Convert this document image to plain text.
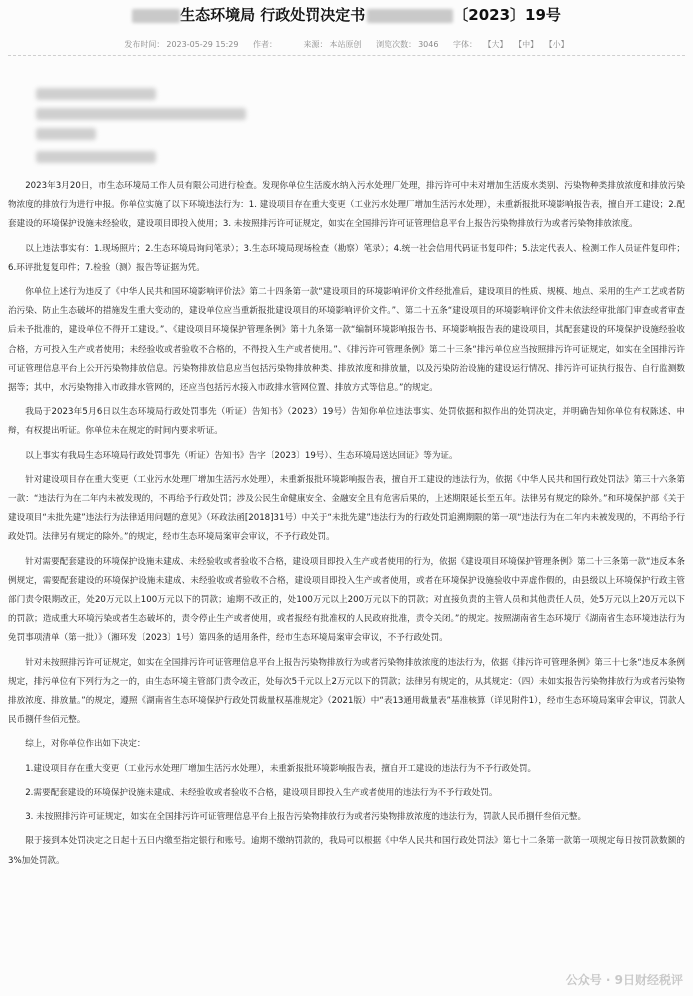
生态环境局 行政处罚决定书	〔2023〕19号
发布时间： 2023-05-29 15:29 作者：	来源： 本站原创 浏览次数： 3046 字体： 【大】 【中】 【小】

2023年3月20日，市生态环境局工作人员有限公司进行检查。发现你单位生活废水纳入污水处理厂处理，排污许可中未对增加生活废水类别、污染物种类排放浓度和排放污染物浓度的排放行为进行申报。你单位实施了以下环境违法行为：1. 建设项目存在重大变更（工业污水处理厂增加生活污水处理），未重新报批环境影响报告表，擅自开工建设；2.配套建设的环境保护设施未经验收，建设项目即投入使用；3. 未按照排污许可证规定，如实在全国排污许可证管理信息平台上报告污染物排放行为或者污染物排放浓度。

以上违法事实有：1.现场照片；2.生态环境局询问笔录）；3.生态环境局现场检查（勘察）笔录）；4.统一社会信用代码证书复印件；5.法定代表人、检测工作人员证件复印件；6.环评批复复印件；7.检验（测）报告等证据为凭。

你单位上述行为违反了《中华人民共和国环境影响评价法》第二十四条第一款“建设项目的环境影响评价文件经批准后，建设项目的性质、规模、地点、采用的生产工艺或者防治污染、防止生态破坏的措施发生重大变动的，建设单位应当重新报批建设项目的环境影响评价文件。”、第二十五条“建设项目的环境影响评价文件未依法经审批部门审查或者审查后未予批准的，建设单位不得开工建设。”、《建设项目环境保护管理条例》第十九条第一款“编制环境影响报告书、环境影响报告表的建设项目，其配套建设的环境保护设施经验收合格，方可投入生产或者使用；未经验收或者验收不合格的，不得投入生产或者使用。”、《排污许可管理条例》第二十三条“排污单位应当按照排污许可证规定，如实在全国排污许可证管理信息平台上公开污染物排放信息。污染物排放信息应当包括污染物排放种类、排放浓度和排放量，以及污染防治设施的建设运行情况、排污许可证执行报告、自行监测数据等；其中，水污染物排入市政排水管网的，还应当包括污水接入市政排水管网位置、排放方式等信息。”的规定。

我局于2023年5月6日以生态环境局行政处罚事先（听证）告知书》（2023）19号）告知你单位违法事实、处罚依据和拟作出的处罚决定，并明确告知你单位有权陈述、申辩，有权提出听证。你单位未在规定的时间内要求听证。

以上事实有我局生态环境局行政处罚事先（听证）告知书》告字〔2023〕19号）、生态环境局送达回证》等为证。

针对建设项目存在重大变更（工业污水处理厂增加生活污水处理），未重新报批环境影响报告表，擅自开工建设的违法行为，依据《中华人民共和国行政处罚法》第三十六条第一款：“违法行为在二年内未被发现的，不再给予行政处罚；涉及公民生命健康安全、金融安全且有危害后果的，上述期限延长至五年。法律另有规定的除外。”和环境保护部《关于建设项目“未批先建”违法行为法律适用问题的意见》（环政法函[2018]31号）中关于“未批先建”违法行为的行政处罚追溯期限的第一项“违法行为在二年内未被发现的，不再给予行政处罚。法律另有规定的除外。”的规定，经市生态环境局案审会审议，不予行政处罚。

针对需要配套建设的环境保护设施未建成、未经验收或者验收不合格，建设项目即投入生产或者使用的行为，依据《建设项目环境保护管理条例》第二十三条第一款“违反本条例规定，需要配套建设的环境保护设施未建成、未经验收或者验收不合格，建设项目即投入生产或者使用，或者在环境保护设施验收中弄虚作假的，由县级以上环境保护行政主管部门责令限期改正，处20万元以上100万元以下的罚款；逾期不改正的，处100万元以上200万元以下的罚款；对直接负责的主管人员和其他责任人员，处5万元以上20万元以下的罚款；造成重大环境污染或者生态破坏的，责令停止生产或者使用，或者报经有批准权的人民政府批准，责令关闭。”的规定。按照湖南省生态环境厅《湖南省生态环境违法行为免罚事项清单（第一批）》（湘环发〔2023〕1号）第四条的适用条件，经市生态环境局案审会审议，不予行政处罚。

针对未按照排污许可证规定，如实在全国排污许可证管理信息平台上报告污染物排放行为或者污染物排放浓度的违法行为，依据《排污许可管理条例》第三十七条“违反本条例规定，排污单位有下列行为之一的，由生态环境主管部门责令改正，处每次5千元以上2万元以下的罚款；法律另有规定的，从其规定：（四）未如实报告污染物排放行为或者污染物排放浓度、排放量。”的规定，遵照《湖南省生态环境保护行政处罚裁量权基准规定》（2021版）中“表13通用裁量表”基准核算（详见附件1），经市生态环境局案审会审议，罚款人民币捌仟叁佰元整。

综上，对你单位作出如下决定：

1.建设项目存在重大变更（工业污水处理厂增加生活污水处理），未重新报批环境影响报告表，擅自开工建设的违法行为不予行政处罚。

2.需要配套建设的环境保护设施未建成、未经验收或者验收不合格，建设项目即投入生产或者使用的违法行为不予行政处罚。

3. 未按照排污许可证规定，如实在全国排污许可证管理信息平台上报告污染物排放行为或者污染物排放浓度的违法行为，罚款人民币捌仟叁佰元整。

限于接到本处罚决定之日起十五日内缴至指定银行和账号。逾期不缴纳罚款的，我局可以根据《中华人民共和国行政处罚法》第七十二条第一款第一项规定每日按罚款数额的3%加处罚款。

公众号 · 9日财经税评
